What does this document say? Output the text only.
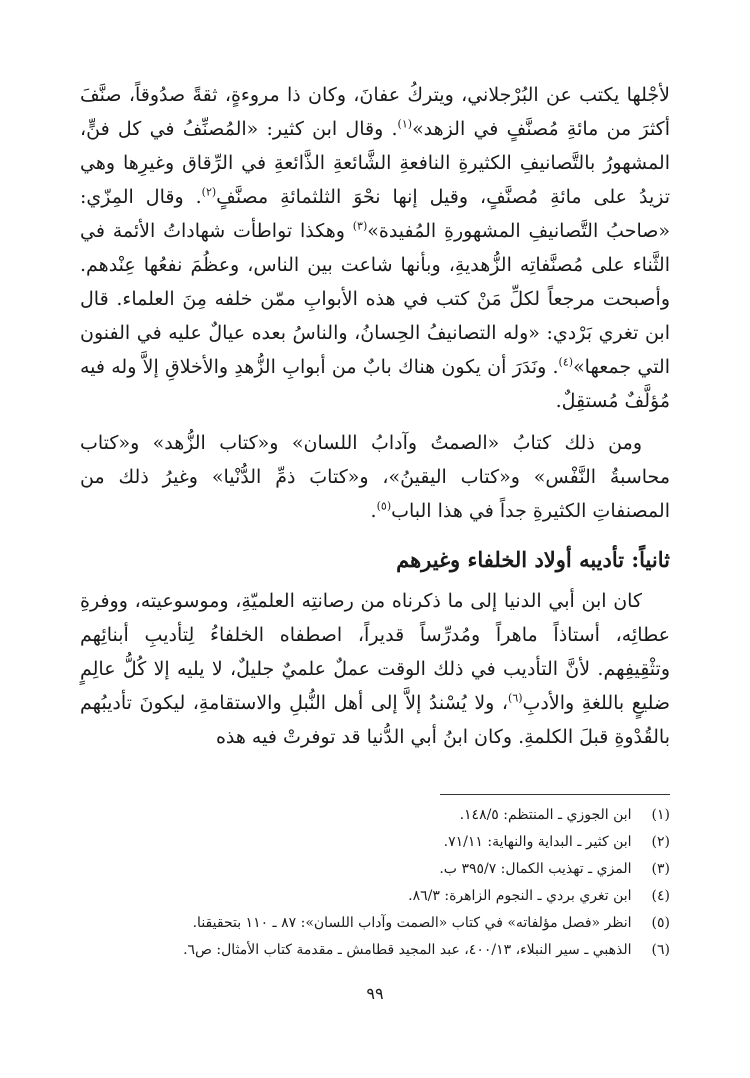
لأجْلها يكتب عن البُرْجلاني، ويتركُ عفانَ، وكان ذا مروءةٍ، ثقةً صدُوقاً، صنَّفَ أكثرَ من مائةِ مُصنَّفٍ في الزهد»$^{(١)}$. وقال ابن كثير: «المُصنِّفُ في كل فنٍّ، المشهورُ بالتَّصانيفِ الكثيرةِ النافعةِ الشَّائعةِ الذَّائعةِ في الرِّقاق وغيرِها وهي تزيدُ على مائةِ مُصنَّفٍ، وقيل إنها نحْوَ الثلثمائةِ مصنَّفٍ$^{(٢)}$. وقال المِزّي: «صاحبُ التَّصانيفِ المشهورةِ المُفيدة»$^{(٣)}$ وهكذا تواطأت شهاداتُ الأئمة في الثَّناء على مُصنَّفاتِه الزُّهديةِ، وبأنها شاعت بين الناس، وعظُمَ نفعُها عِنْدهم. وأصبحت مرجعاً لكلِّ مَنْ كتب في هذه الأبوابِ ممّن خلفه مِنَ العلماء. قال ابن تغري بَرْدي: «وله التصانيفُ الحِسانُ، والناسُ بعده عيالٌ عليه في الفنون التي جمعها»$^{(٤)}$. ونَدَرَ أن يكون هناك بابٌ من أبوابِ الزُّهدِ والأخلاقِ إلاَّ وله فيه مُؤلَّفٌ مُستقِلٌ.

ومن ذلك كتابُ «الصمتُ وآدابُ اللسان» و«كتاب الزُّهد» و«كتاب محاسبةُ النَّفْس» و«كتاب اليقينُ»، و«كتابَ ذمِّ الدُّنْيا» وغيرُ ذلك من المصنفاتِ الكثيرةِ جداً في هذا الباب$^{(٥)}$.

ثانياً: تأديبه أولاد الخلفاء وغيرهم

كان ابن أبي الدنيا إلى ما ذكرناه من رصانتِه العلميّةِ، وموسوعيته، ووفرةِ عطائِه، أستاذاً ماهراً ومُدرِّساً قديراً، اصطفاه الخلفاءُ لِتأديبِ أبنائِهم وتثْقِيفِهم. لأنَّ التأديب في ذلك الوقت عملٌ علميٌ جليلٌ، لا يليه إلا كُلُّ عالِمٍ ضليعٍ باللغةِ والأدبِ$^{(٦)}$، ولا يُسْندُ إلاَّ إلى أهل النُّبلِ والاستقامةِ، ليكونَ تأديبُهم بالقُدْوةِ قبلَ الكلمةِ. وكان ابنُ أبي الدُّنيا قد توفرتْ فيه هذه

(١) ابن الجوزي ـ المنتظم: ١٤٨/٥.

(٢) ابن كثير ـ البداية والنهاية: ٧١/١١.

(٣) المزي ـ تهذيب الكمال: ٣٩٥/٧ ب.

(٤) ابن تغري بردي ـ النجوم الزاهرة: ٨٦/٣.

(٥) انظر «فصل مؤلفاته» في كتاب «الصمت وآداب اللسان»: ٨٧ ـ ١١٠ بتحقيقنا.

(٦) الذهبي ـ سير النبلاء، ٤٠٠/١٣، عبد المجيد قطامش ـ مقدمة كتاب الأمثال: ص٦.

٩٩
